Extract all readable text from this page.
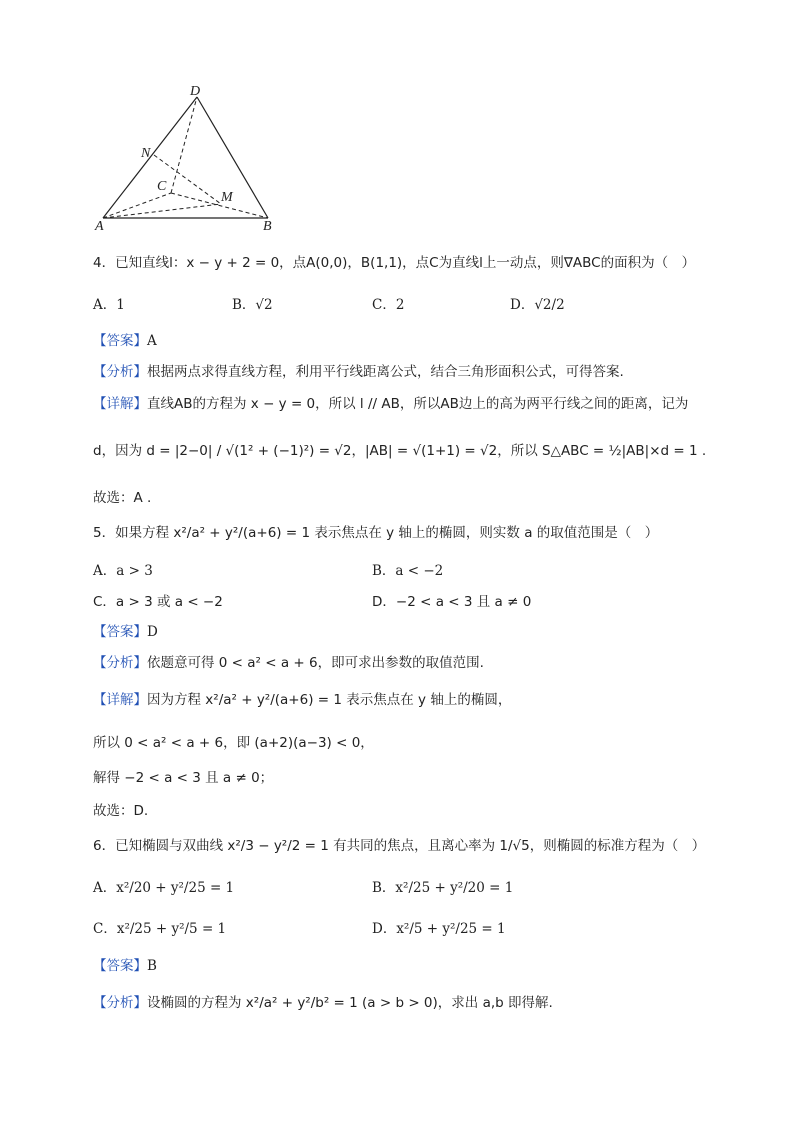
D
N
C
M
A	B
4．已知直线l：x − y + 2 = 0，点A(0,0)，B(1,1)，点C为直线l上一动点，则∇ABC的面积为（　）
A．1	B．√2	C．2	D．√2/2
【答案】A
【分析】根据两点求得直线方程，利用平行线距离公式，结合三角形面积公式，可得答案.
【详解】直线AB的方程为 x − y = 0，所以 l // AB，所以AB边上的高为两平行线之间的距离，记为
d，因为 d = |2−0| / √(1² + (−1)²) = √2，|AB| = √(1+1) = √2，所以 S△ABC = ½|AB|×d = 1 .
故选：A .
5．如果方程 x²/a² + y²/(a+6) = 1 表示焦点在 y 轴上的椭圆，则实数 a 的取值范围是（　）
A．a > 3	B．a < −2
C．a > 3 或 a < −2	D．−2 < a < 3 且 a ≠ 0
【答案】D
【分析】依题意可得 0 < a² < a + 6，即可求出参数的取值范围.
【详解】因为方程 x²/a² + y²/(a+6) = 1 表示焦点在 y 轴上的椭圆，
所以 0 < a² < a + 6，即 (a+2)(a−3) < 0，
解得 −2 < a < 3 且 a ≠ 0；
故选：D.
6．已知椭圆与双曲线 x²/3 − y²/2 = 1 有共同的焦点，且离心率为 1/√5，则椭圆的标准方程为（　）
A．x²/20 + y²/25 = 1	B．x²/25 + y²/20 = 1
C．x²/25 + y²/5 = 1	D．x²/5 + y²/25 = 1
【答案】B
【分析】设椭圆的方程为 x²/a² + y²/b² = 1 (a > b > 0)，求出 a,b 即得解.
